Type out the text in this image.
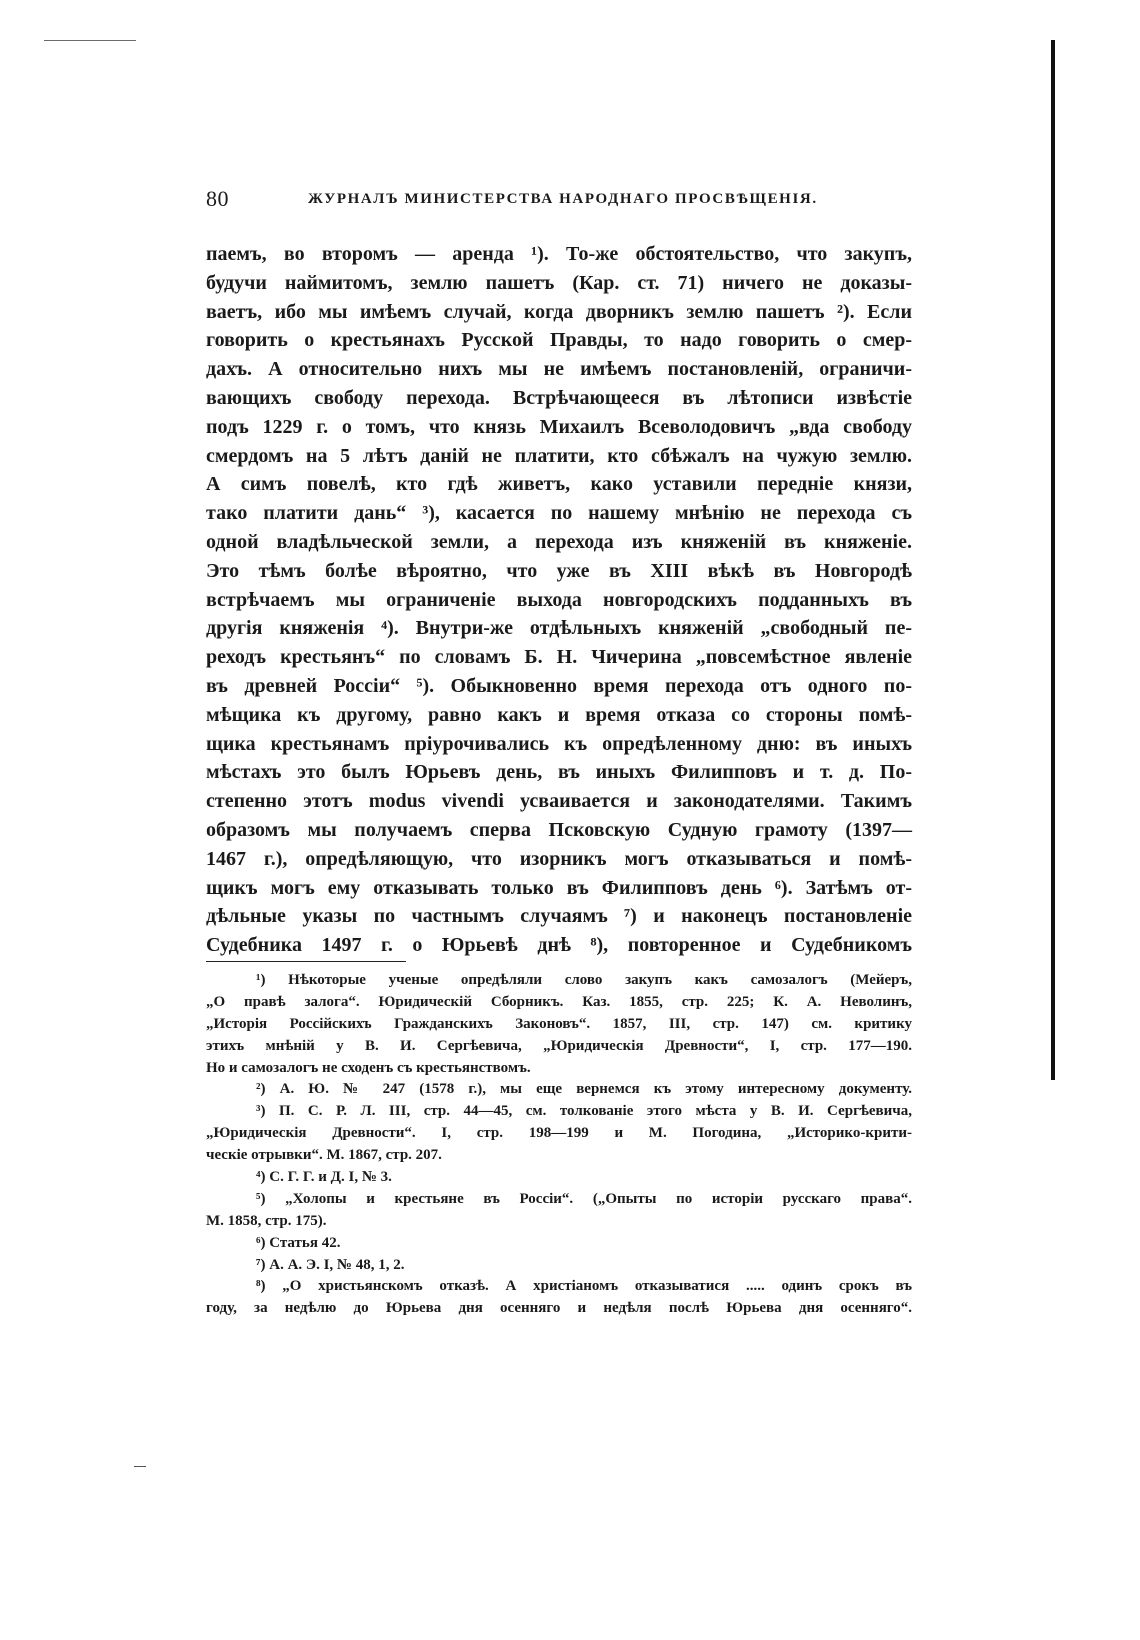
80	ЖУРНАЛЪ МИНИСТЕРСТВА НАРОДНАГО ПРОСВѢЩЕНІЯ.
паемъ, во второмъ — аренда ¹). То-же обстоятельство, что закупъ,
будучи наймитомъ, землю пашетъ (Кар. ст. 71) ничего не доказы-
ваетъ, ибо мы имѣемъ случай, когда дворникъ землю пашетъ ²). Если
говорить о крестьянахъ Русской Правды, то надо говорить о смер-
дахъ. А относительно нихъ мы не имѣемъ постановленій, ограничи-
вающихъ свободу перехода. Встрѣчающееся въ лѣтописи извѣстіе
подъ 1229 г. о томъ, что князь Михаилъ Всеволодовичъ „вда свободу
смердомъ на 5 лѣтъ даній не платити, кто сбѣжалъ на чужую землю.
А симъ повелѣ, кто гдѣ живетъ, како уставили передніе князи,
тако платити дань“ ³), касается по нашему мнѣнію не перехода съ
одной владѣльческой земли, а перехода изъ княженій въ княженіе.
Это тѣмъ болѣе вѣроятно, что уже въ XIII вѣкѣ въ Новгородѣ
встрѣчаемъ мы ограниченіе выхода новгородскихъ подданныхъ въ
другія княженія ⁴). Внутри-же отдѣльныхъ княженій „свободный пе-
реходъ крестьянъ“ по словамъ Б. Н. Чичерина „повсемѣстное явленіе
въ древней Россіи“ ⁵). Обыкновенно время перехода отъ одного по-
мѣщика къ другому, равно какъ и время отказа со стороны помѣ-
щика крестьянамъ пріурочивались къ опредѣленному дню: въ иныхъ
мѣстахъ это былъ Юрьевъ день, въ иныхъ Филипповъ и т. д. По-
степенно этотъ modus vivendi усваивается и законодателями. Такимъ
образомъ мы получаемъ сперва Псковскую Судную грамоту (1397—
1467 г.), опредѣляющую, что изорникъ могъ отказываться и помѣ-
щикъ могъ ему отказывать только въ Филипповъ день ⁶). Затѣмъ от-
дѣльные указы по частнымъ случаямъ ⁷) и наконецъ постановленіе
Судебника 1497 г. о Юрьевѣ днѣ ⁸), повторенное и Судебникомъ
¹) Нѣкоторые ученые опредѣляли слово закупъ какъ самозалогъ (Мейеръ,
„О правѣ залога“. Юридическій Сборникъ. Каз. 1855, стр. 225; К. А. Неволинъ,
„Исторія Россійскихъ Гражданскихъ Законовъ“. 1857, III, стр. 147) см. критику
этихъ мнѣній у В. И. Сергѣевича, „Юридическія Древности“, I, стр. 177—190.
Но и самозалогъ не сходенъ съ крестьянствомъ.
²) А. Ю. № 247 (1578 г.), мы еще вернемся къ этому интересному документу.
³) П. С. Р. Л. III, стр. 44—45, см. толкованіе этого мѣста у В. И. Сергѣевича,
„Юридическія Древности“. I, стр. 198—199 и М. Погодина, „Историко-крити-
ческіе отрывки“. М. 1867, стр. 207.
⁴) С. Г. Г. и Д. I, № 3.
⁵) „Холопы и крестьяне въ Россіи“. („Опыты по исторіи русскаго права“.
М. 1858, стр. 175).
⁶) Статья 42.
⁷) А. А. Э. I, № 48, 1, 2.
⁸) „О христьянскомъ отказѣ. А христіаномъ отказыватися ..... одинъ срокъ въ
году, за недѣлю до Юрьева дня осенняго и недѣля послѣ Юрьева дня осенняго“.
